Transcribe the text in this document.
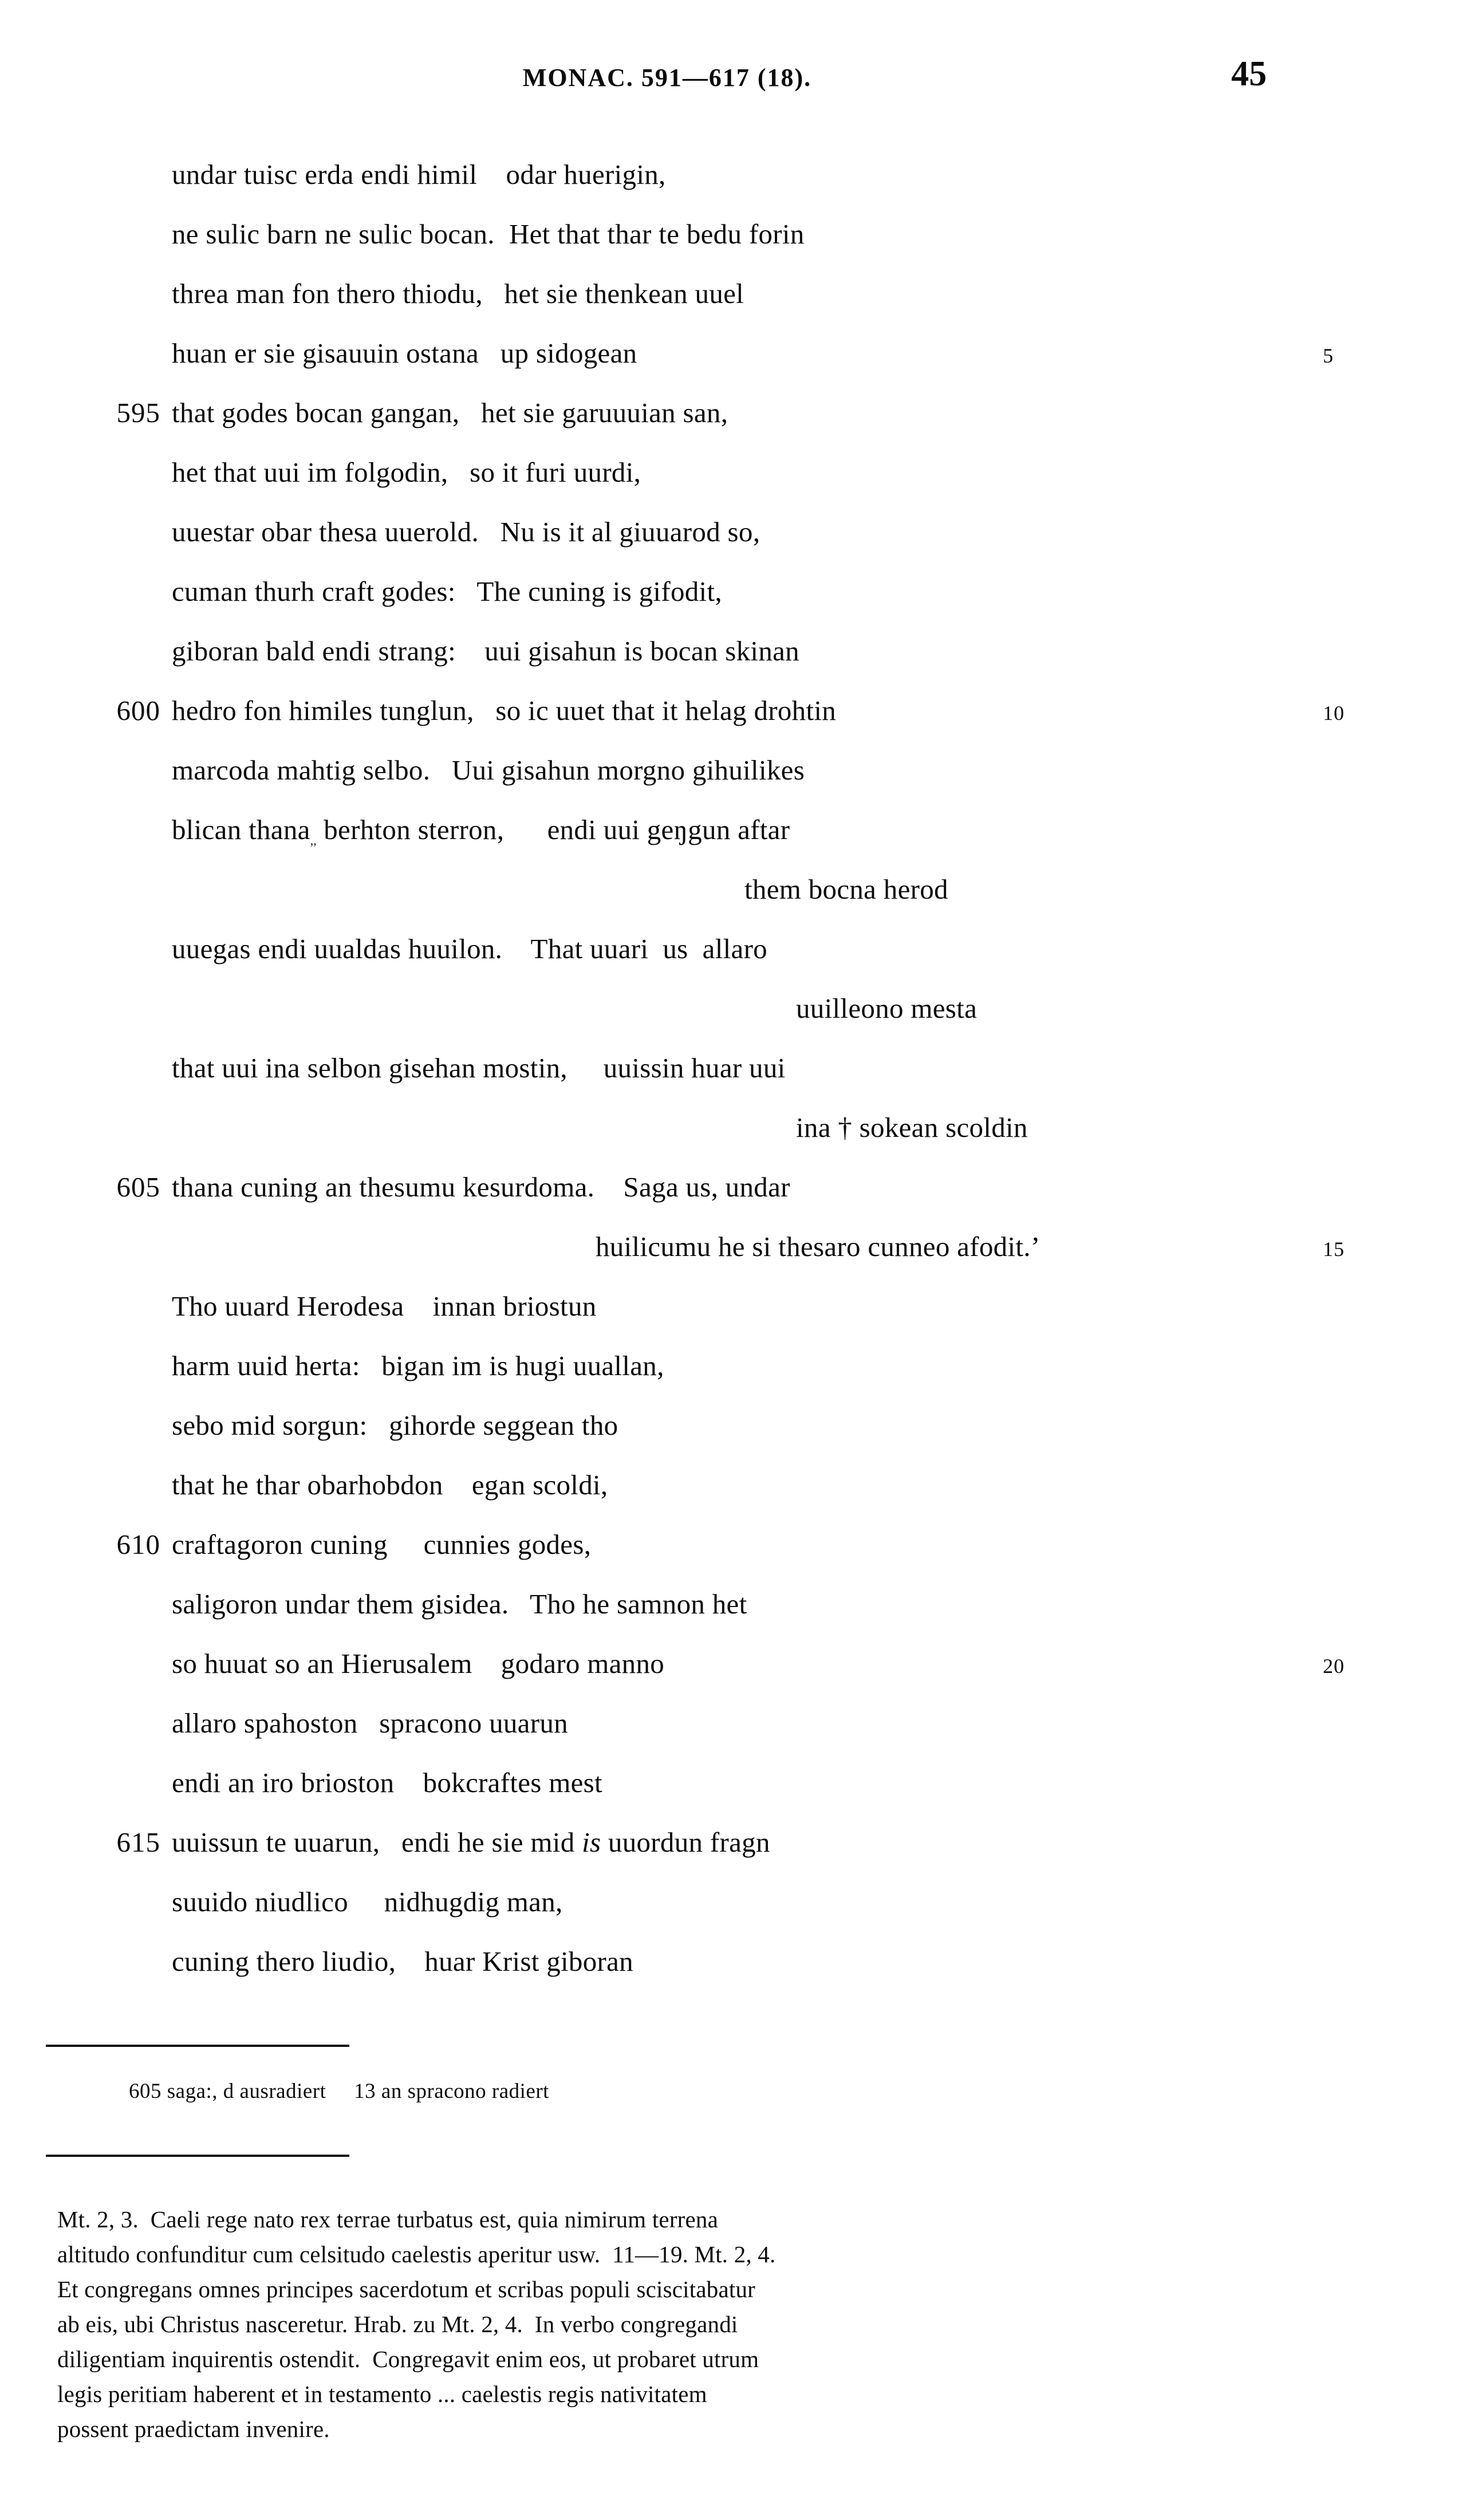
MONAC. 591—617 (18).	45
undar tuisc erda endi himil    odar huerigin,
ne sulic barn ne sulic bocan.  Het that thar te bedu forin
threa man fon thero thiodu,   het sie thenkean uuel
huan er sie gisauuin ostana   up sidogean	5
595 that godes bocan gangan,   het sie garuuuian san,
het that uui im folgodin,   so it furi uurdi,
uuestar obar thesa uuerold.   Nu is it al giuuarod so,
cuman thurh craft godes:   The cuning is gifodit,
giboran bald endi strang:    uui gisahun is bocan skinan
600 hedro fon himiles tunglun,   so ic uuet that it helag drohtin	10
marcoda mahtig selbo.   Uui gisahun morgno gihuilikes
blican thana$_{,,}$ berhton sterron,      endi uui geŋgun aftar
them bocna herod
uuegas endi uualdas huuilon.    That uuari  us  allaro
uuilleono mesta
that uui ina selbon gisehan mostin,     uuissin huar uui
ina † sokean scoldin
605 thana cuning an thesumu kesurdoma.    Saga us, undar
huilicumu he si thesaro cunneo afodit.’	15
Tho uuard Herodesa    innan briostun
harm uuid herta:   bigan im is hugi uuallan,
sebo mid sorgun:   gihorde seggean tho
that he thar obarhobdon    egan scoldi,
610 craftagoron cuning     cunnies godes,
saligoron undar them gisidea.   Tho he samnon het
so huuat so an Hierusalem    godaro manno	20
allaro spahoston   spracono uuarun
endi an iro brioston    bokcraftes mest
615 uuissun te uuarun,   endi he sie mid is uuordun fragn
suuido niudlico     nidhugdig man,
cuning thero liudio,    huar Krist giboran
605 saga:, d ausradiert     13 an spracono radiert
Mt. 2, 3.  Caeli rege nato rex terrae turbatus est, quia nimirum terrena
altitudo confunditur cum celsitudo caelestis aperitur usw.  11—19. Mt. 2, 4.
Et congregans omnes principes sacerdotum et scribas populi sciscitabatur
ab eis, ubi Christus nasceretur. Hrab. zu Mt. 2, 4.  In verbo congregandi
diligentiam inquirentis ostendit.  Congregavit enim eos, ut probaret utrum
legis peritiam haberent et in testamento ... caelestis regis nativitatem
possent praedictam invenire.
